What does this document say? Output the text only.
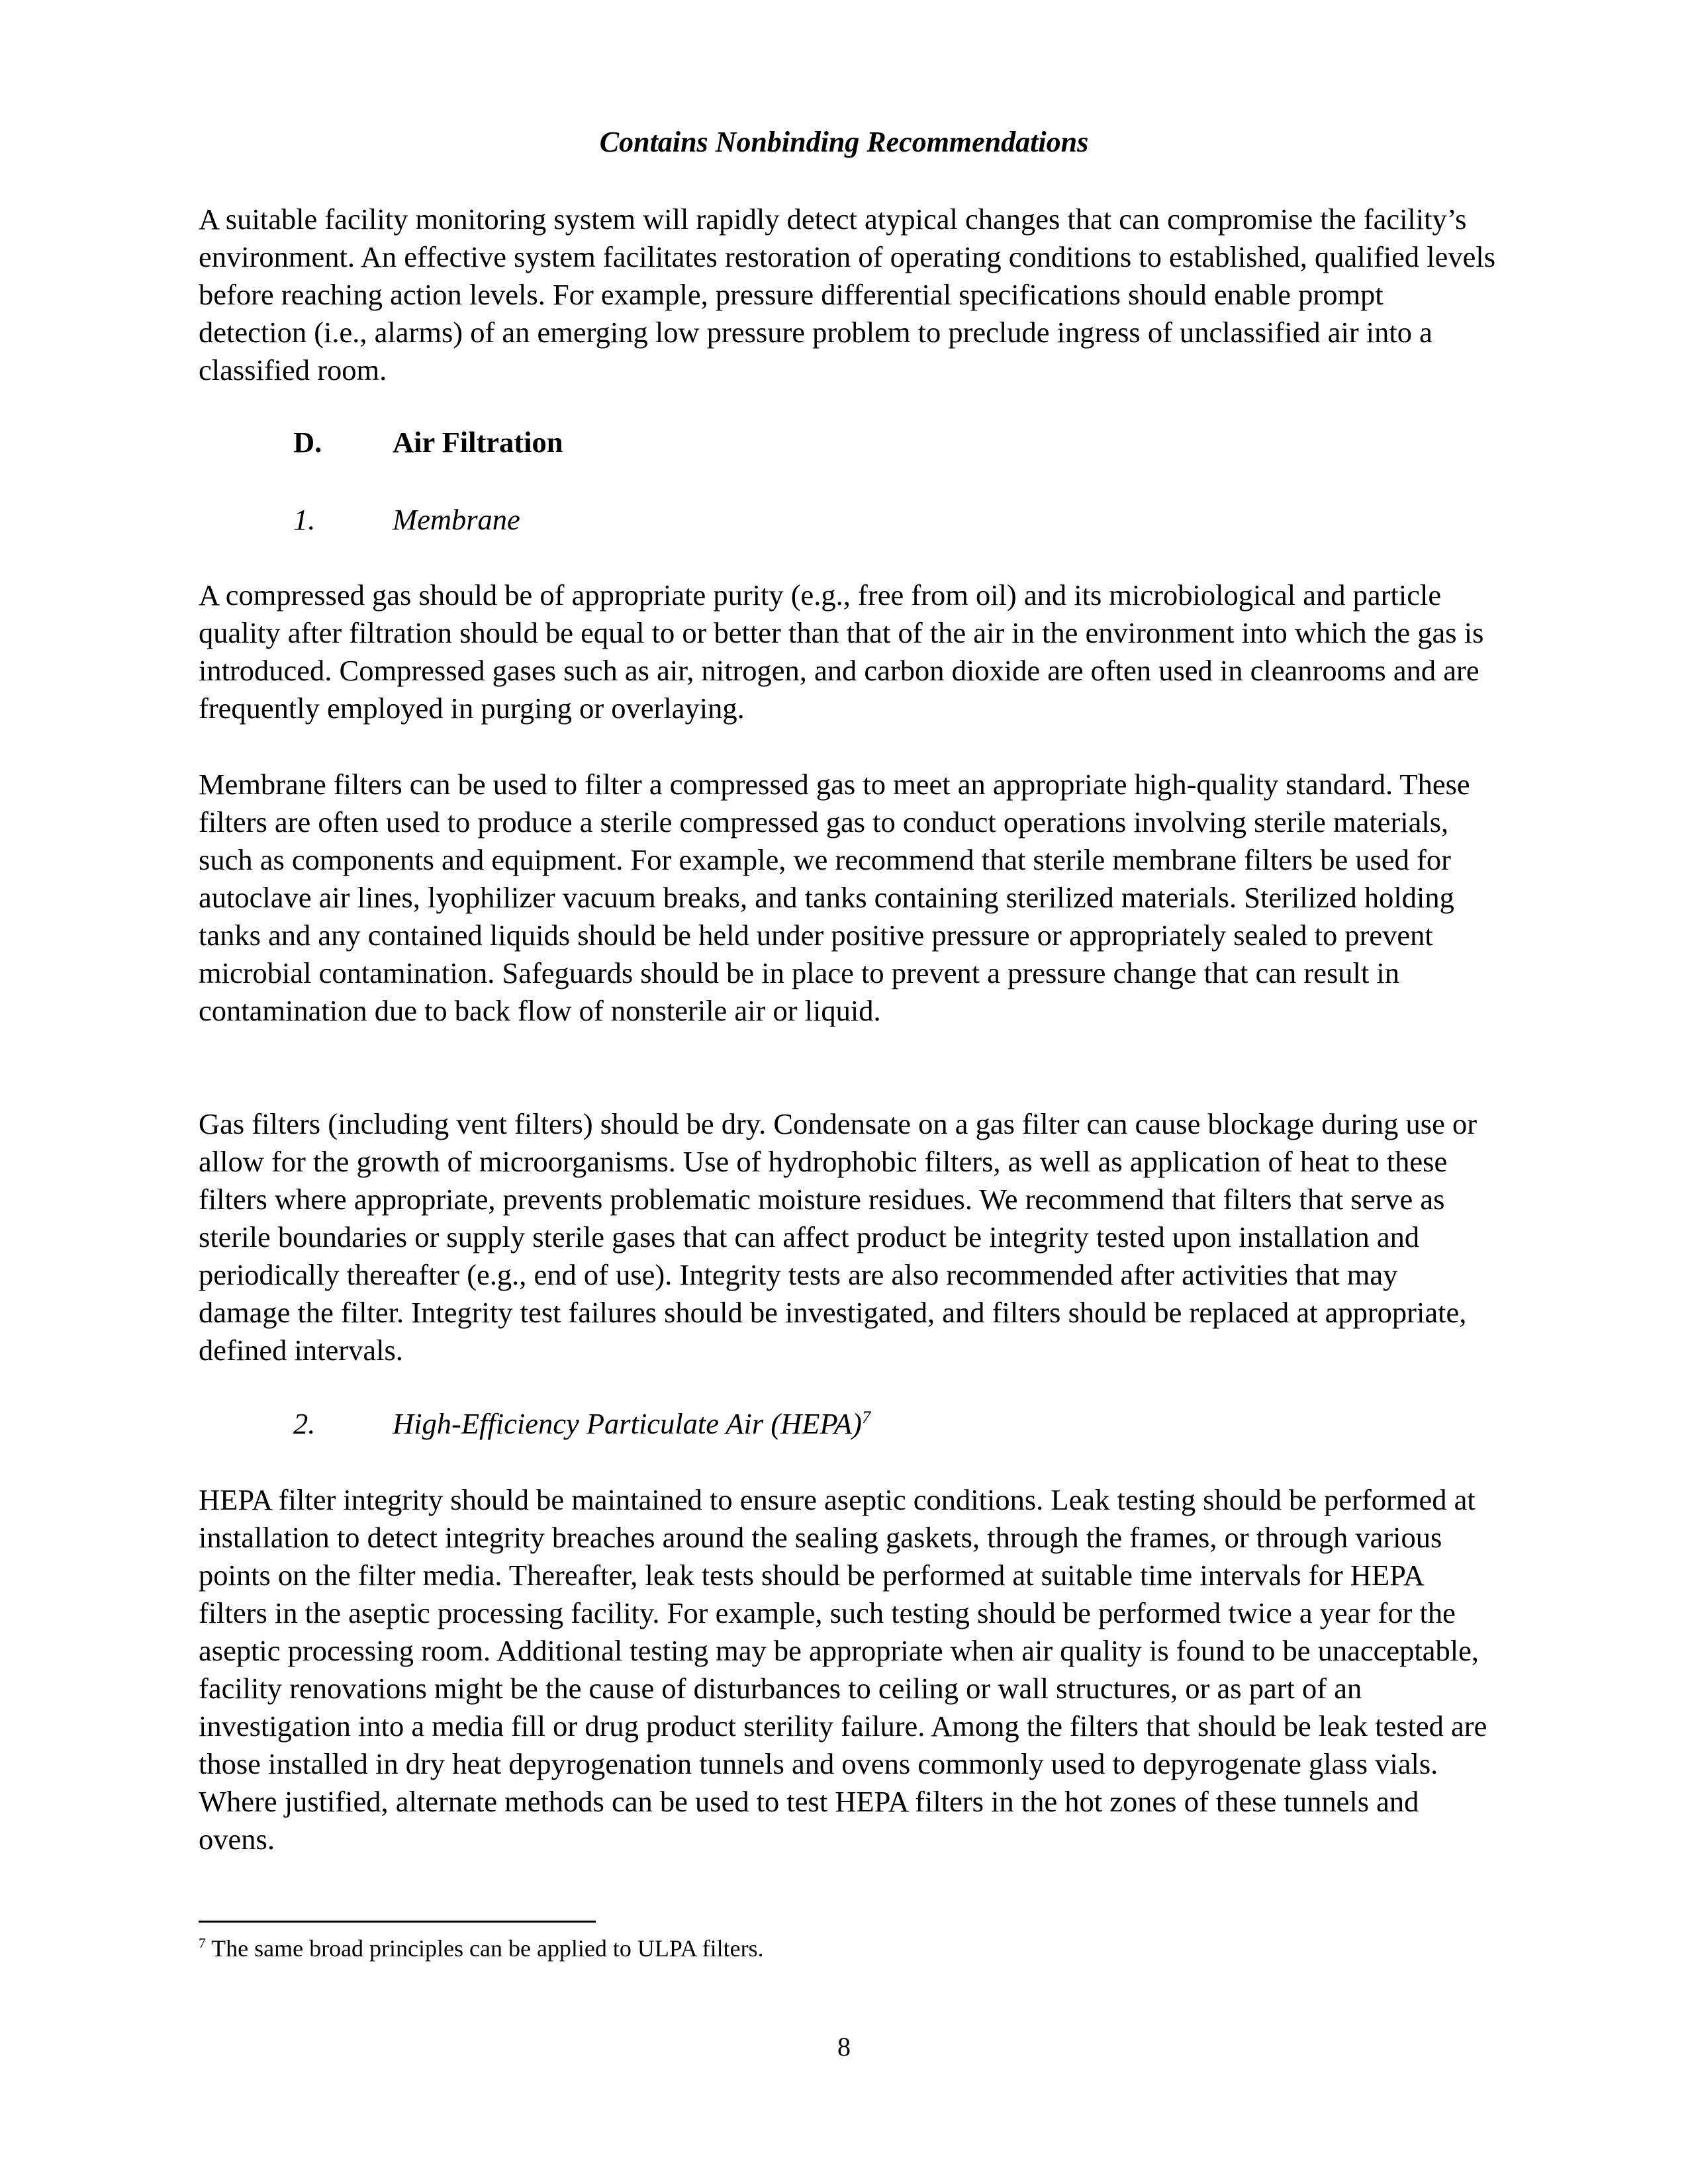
Contains Nonbinding Recommendations

A suitable facility monitoring system will rapidly detect atypical changes that can compromise the facility’s environment. An effective system facilitates restoration of operating conditions to established, qualified levels before reaching action levels. For example, pressure differential specifications should enable prompt detection (i.e., alarms) of an emerging low pressure problem to preclude ingress of unclassified air into a classified room.

D. Air Filtration
1.	Membrane

A compressed gas should be of appropriate purity (e.g., free from oil) and its microbiological and particle quality after filtration should be equal to or better than that of the air in the environment into which the gas is introduced. Compressed gases such as air, nitrogen, and carbon dioxide are often used in cleanrooms and are frequently employed in purging or overlaying.

Membrane filters can be used to filter a compressed gas to meet an appropriate high-quality standard. These filters are often used to produce a sterile compressed gas to conduct operations involving sterile materials, such as components and equipment. For example, we recommend that sterile membrane filters be used for autoclave air lines, lyophilizer vacuum breaks, and tanks containing sterilized materials. Sterilized holding tanks and any contained liquids should be held under positive pressure or appropriately sealed to prevent microbial contamination. Safeguards should be in place to prevent a pressure change that can result in contamination due to back flow of nonsterile air or liquid.

Gas filters (including vent filters) should be dry. Condensate on a gas filter can cause blockage during use or allow for the growth of microorganisms. Use of hydrophobic filters, as well as application of heat to these filters where appropriate, prevents problematic moisture residues. We recommend that filters that serve as sterile boundaries or supply sterile gases that can affect product be integrity tested upon installation and periodically thereafter (e.g., end of use). Integrity tests are also recommended after activities that may damage the filter. Integrity test failures should be investigated, and filters should be replaced at appropriate, defined intervals.

2.	High-Efficiency Particulate Air (HEPA)$^7$

HEPA filter integrity should be maintained to ensure aseptic conditions. Leak testing should be performed at installation to detect integrity breaches around the sealing gaskets, through the frames, or through various points on the filter media. Thereafter, leak tests should be performed at suitable time intervals for HEPA filters in the aseptic processing facility. For example, such testing should be performed twice a year for the aseptic processing room. Additional testing may be appropriate when air quality is found to be unacceptable, facility renovations might be the cause of disturbances to ceiling or wall structures, or as part of an investigation into a media fill or drug product sterility failure. Among the filters that should be leak tested are those installed in dry heat depyrogenation tunnels and ovens commonly used to depyrogenate glass vials. Where justified, alternate methods can be used to test HEPA filters in the hot zones of these tunnels and ovens.

$^7$ The same broad principles can be applied to ULPA filters.
8
